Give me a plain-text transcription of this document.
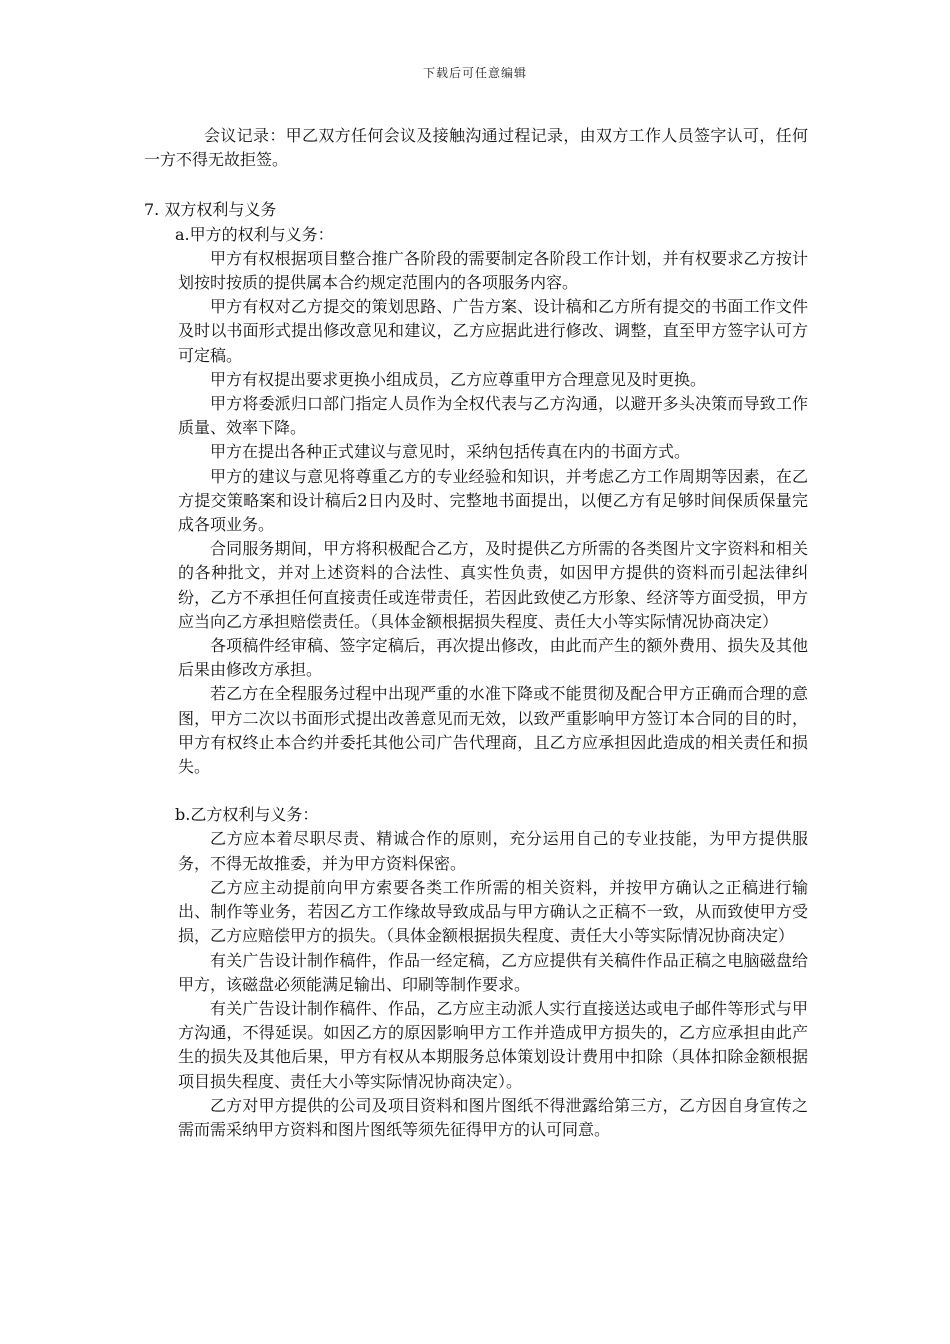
下载后可任意编辑

会议记录：甲乙双方任何会议及接触沟通过程记录，由双方工作人员签字认可，任何一方不得无故拒签。

7. 双方权利与义务

a.甲方的权利与义务：

甲方有权根据项目整合推广各阶段的需要制定各阶段工作计划，并有权要求乙方按计划按时按质的提供属本合约规定范围内的各项服务内容。

甲方有权对乙方提交的策划思路、广告方案、设计稿和乙方所有提交的书面工作文件及时以书面形式提出修改意见和建议，乙方应据此进行修改、调整，直至甲方签字认可方可定稿。

甲方有权提出要求更换小组成员，乙方应尊重甲方合理意见及时更换。

甲方将委派归口部门指定人员作为全权代表与乙方沟通，以避开多头决策而导致工作质量、效率下降。

甲方在提出各种正式建议与意见时，采纳包括传真在内的书面方式。

甲方的建议与意见将尊重乙方的专业经验和知识，并考虑乙方工作周期等因素，在乙方提交策略案和设计稿后2日内及时、完整地书面提出，以便乙方有足够时间保质保量完成各项业务。

合同服务期间，甲方将积极配合乙方，及时提供乙方所需的各类图片文字资料和相关的各种批文，并对上述资料的合法性、真实性负责，如因甲方提供的资料而引起法律纠纷，乙方不承担任何直接责任或连带责任，若因此致使乙方形象、经济等方面受损，甲方应当向乙方承担赔偿责任。（具体金额根据损失程度、责任大小等实际情况协商决定）

各项稿件经审稿、签字定稿后，再次提出修改，由此而产生的额外费用、损失及其他后果由修改方承担。

若乙方在全程服务过程中出现严重的水准下降或不能贯彻及配合甲方正确而合理的意图，甲方二次以书面形式提出改善意见而无效，以致严重影响甲方签订本合同的目的时，甲方有权终止本合约并委托其他公司广告代理商，且乙方应承担因此造成的相关责任和损失。

b.乙方权利与义务：

乙方应本着尽职尽责、精诚合作的原则，充分运用自己的专业技能，为甲方提供服务，不得无故推委，并为甲方资料保密。

乙方应主动提前向甲方索要各类工作所需的相关资料，并按甲方确认之正稿进行输出、制作等业务，若因乙方工作缘故导致成品与甲方确认之正稿不一致，从而致使甲方受损，乙方应赔偿甲方的损失。（具体金额根据损失程度、责任大小等实际情况协商决定）

有关广告设计制作稿件，作品一经定稿，乙方应提供有关稿件作品正稿之电脑磁盘给甲方，该磁盘必须能满足输出、印刷等制作要求。

有关广告设计制作稿件、作品，乙方应主动派人实行直接送达或电子邮件等形式与甲方沟通，不得延误。如因乙方的原因影响甲方工作并造成甲方损失的，乙方应承担由此产生的损失及其他后果，甲方有权从本期服务总体策划设计费用中扣除（具体扣除金额根据项目损失程度、责任大小等实际情况协商决定）。

乙方对甲方提供的公司及项目资料和图片图纸不得泄露给第三方，乙方因自身宣传之需而需采纳甲方资料和图片图纸等须先征得甲方的认可同意。
